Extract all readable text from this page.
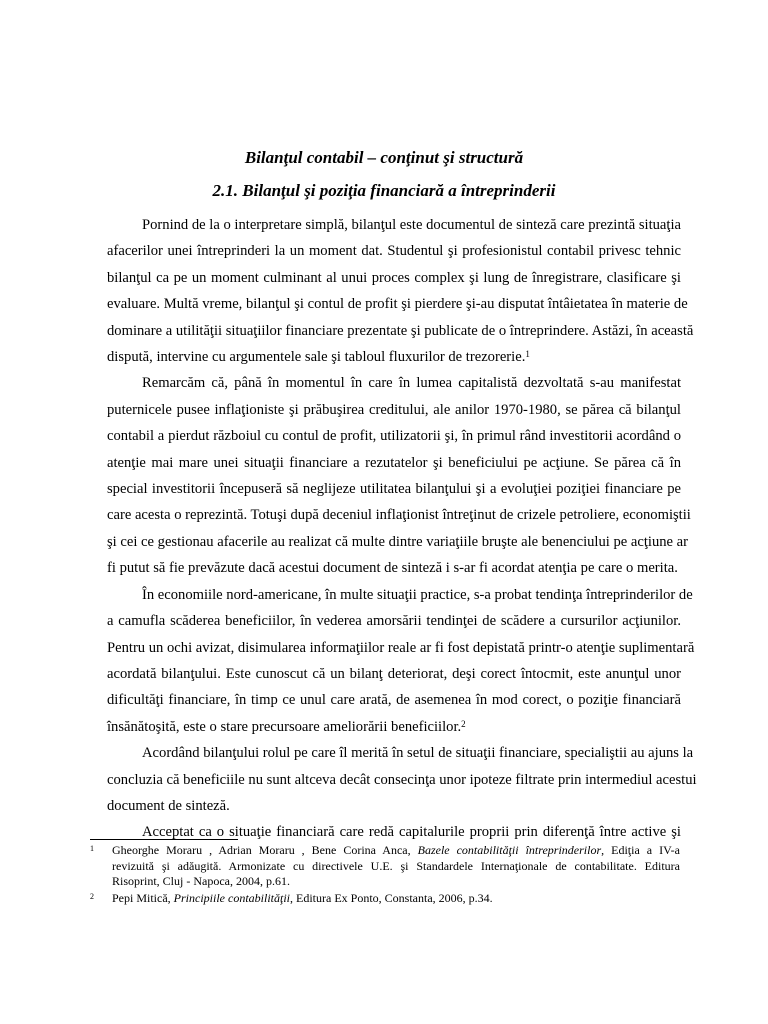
Bilanţul contabil – conţinut şi structură
2.1. Bilanţul şi poziţia financiară a întreprinderii

Pornind de la o interpretare simplă, bilanţul este documentul de sinteză care prezintă situaţia
afacerilor unei întreprinderi la un moment dat. Studentul şi profesionistul contabil privesc tehnic
bilanţul ca pe un moment culminant al unui proces complex şi lung de înregistrare, clasificare şi
evaluare. Multă vreme, bilanţul şi contul de profit şi pierdere şi-au disputat întâietatea în materie de
dominare a utilităţii situaţiilor financiare prezentate şi publicate de o întreprindere. Astăzi, în această
dispută, intervine cu argumentele sale şi tabloul fluxurilor de trezorerie.$^1$

Remarcăm că, până în momentul în care în lumea capitalistă dezvoltată s-au manifestat
puternicele pusee inflaţioniste şi prăbuşirea creditului, ale anilor 1970-1980, se părea că bilanţul
contabil a pierdut războiul cu contul de profit, utilizatorii şi, în primul rând investitorii acordând o
atenţie mai mare unei situaţii financiare a rezutatelor şi beneficiului pe acţiune. Se părea că în
special investitorii începuseră să neglijeze utilitatea bilanţului şi a evoluţiei poziţiei financiare pe
care acesta o reprezintă. Totuşi după deceniul inflaţionist întreţinut de crizele petroliere, economiştii
şi cei ce gestionau afacerile au realizat că multe dintre variaţiile bruşte ale benenciului pe acţiune ar
fi putut să fie prevăzute dacă acestui document de sinteză i s-ar fi acordat atenţia pe care o merita.

În economiile nord-americane, în multe situaţii practice, s-a probat tendinţa întreprinderilor de
a camufla scăderea beneficiilor, în vederea amorsării tendinţei de scădere a cursurilor acţiunilor.
Pentru un ochi avizat, disimularea informaţiilor reale ar fi fost depistată printr-o atenţie suplimentară
acordată bilanţului. Este cunoscut că un bilanţ deteriorat, deşi corect întocmit, este anunţul unor
dificultăţi financiare, în timp ce unul care arată, de asemenea în mod corect, o poziţie financiară
însănătoşită, este o stare precursoare ameliorării beneficiilor.$^2$

Acordând bilanţului rolul pe care îl merită în setul de situaţii financiare, specialiştii au ajuns la
concluzia că beneficiile nu sunt altceva decât consecinţa unor ipoteze filtrate prin intermediul acestui
document de sinteză.

Acceptat ca o situaţie financiară care redă capitalurile proprii prin diferenţă între active şi

1 Gheorghe Moraru , Adrian Moraru , Bene Corina Anca, Bazele contabilităţii întreprinderilor, Ediţia a IV-a
revizuită şi adăugită. Armonizate cu directivele U.E. şi Standardele Internaţionale de contabilitate. Editura
Risoprint, Cluj - Napoca, 2004, p.61.
2 Pepi Mitică, Principiile contabilităţii, Editura Ex Ponto, Constanta, 2006, p.34.
